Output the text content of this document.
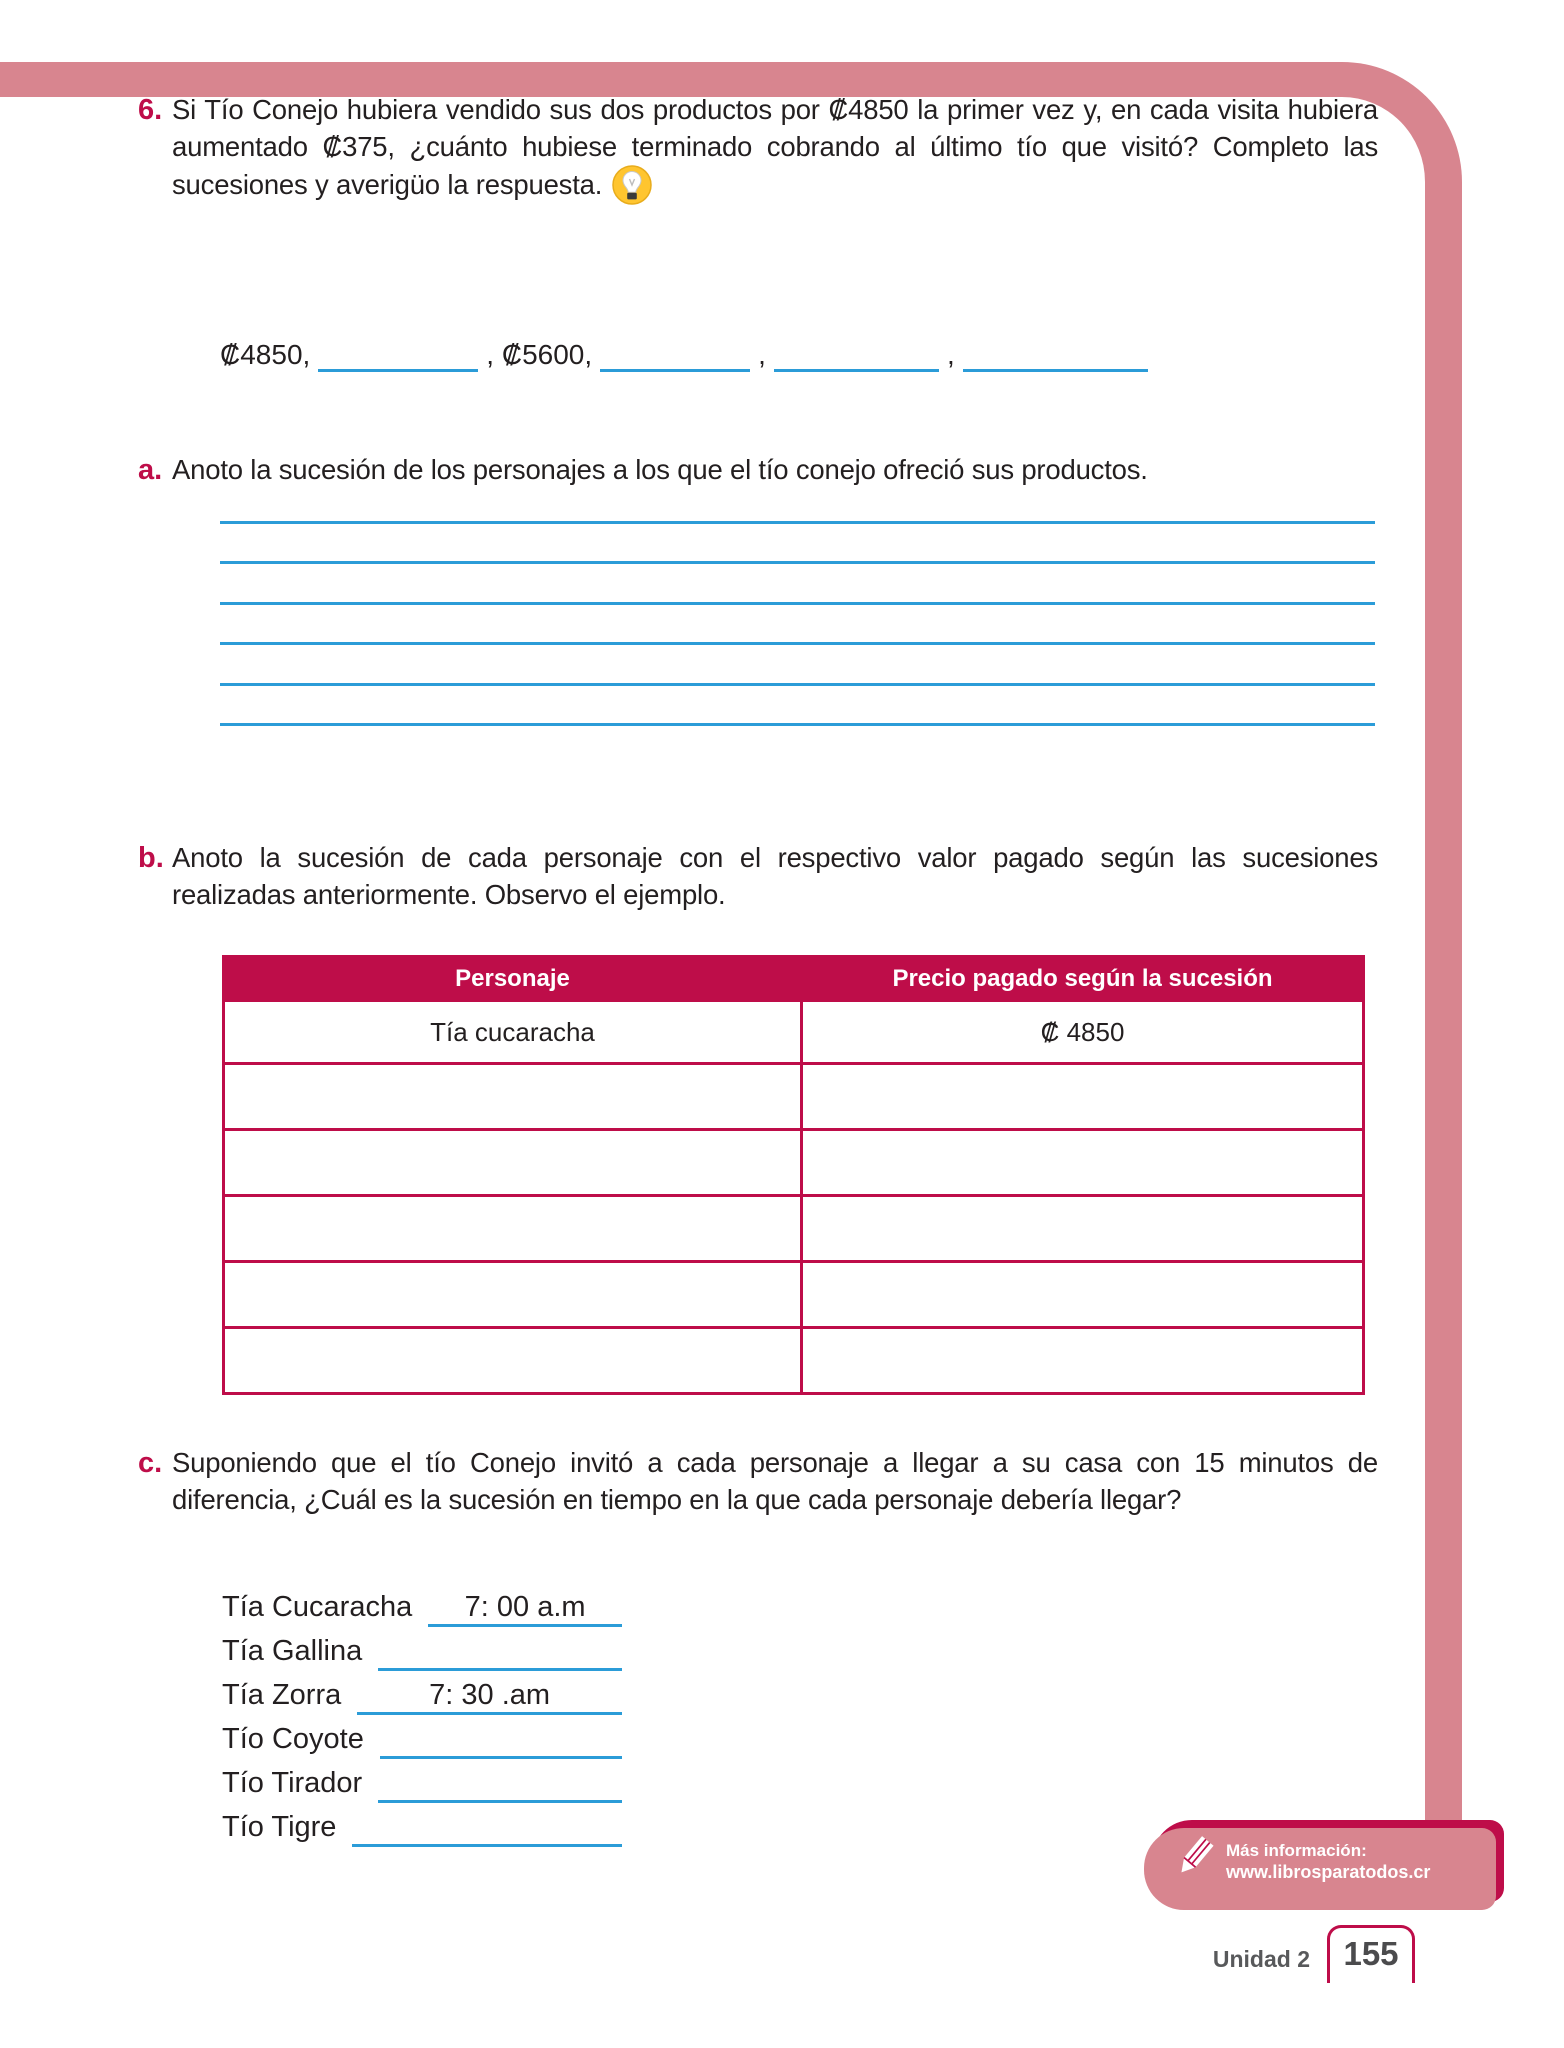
6. Si Tío Conejo hubiera vendido sus dos productos por ₡4850 la primer vez y, en cada visita hubiera
aumentado ₡375, ¿cuánto hubiese terminado cobrando al último tío que visitó? Completo las
sucesiones y averigüo la respuesta.
₡4850,	, ₡5600,	,	,
a. Anoto la sucesión de los personajes a los que el tío conejo ofreció sus productos.
b. Anoto la sucesión de cada personaje con el respectivo valor pagado según las sucesiones
realizadas anteriormente. Observo el ejemplo.
Personaje	Precio pagado según la sucesión
Tía cucaracha	₡ 4850

c. Suponiendo que el tío Conejo invitó a cada personaje a llegar a su casa con 15 minutos de
diferencia, ¿Cuál es la sucesión en tiempo en la que cada personaje debería llegar?
Tía Cucaracha 7: 00 a.m
Tía Gallina
Tía Zorra	7: 30 .am
Tío Coyote
Tío Tirador
Tío Tigre
Más información:
www.librosparatodos.cr
Unidad 2	155
